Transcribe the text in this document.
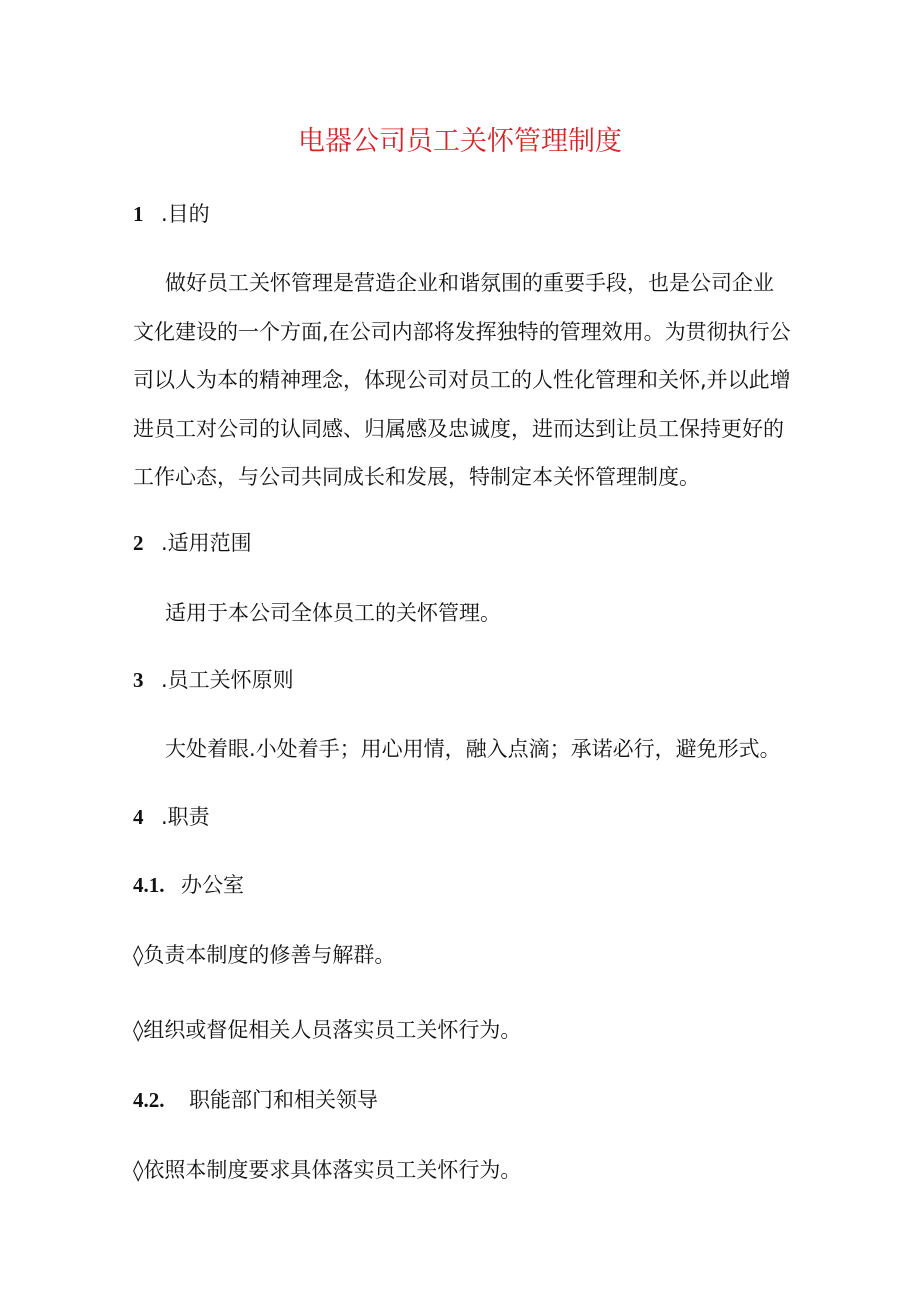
电器公司员工关怀管理制度
1 .目的
做好员工关怀管理是营造企业和谐氛围的重要手段，也是公司企业文化建设的一个方面,在公司内部将发挥独特的管理效用。为贯彻执行公司以人为本的精神理念，体现公司对员工的人性化管理和关怀,并以此增进员工对公司的认同感、归属感及忠诚度，进而达到让员工保持更好的工作心态，与公司共同成长和发展，特制定本关怀管理制度。
2 .适用范围
适用于本公司全体员工的关怀管理。
3 .员工关怀原则
大处着眼.小处着手；用心用情，融入点滴；承诺必行，避免形式。
4 .职责
4.1. 办公室
◊负责本制度的修善与解群。
◊组织或督促相关人员落实员工关怀行为。
4.2. 职能部门和相关领导
◊依照本制度要求具体落实员工关怀行为。
